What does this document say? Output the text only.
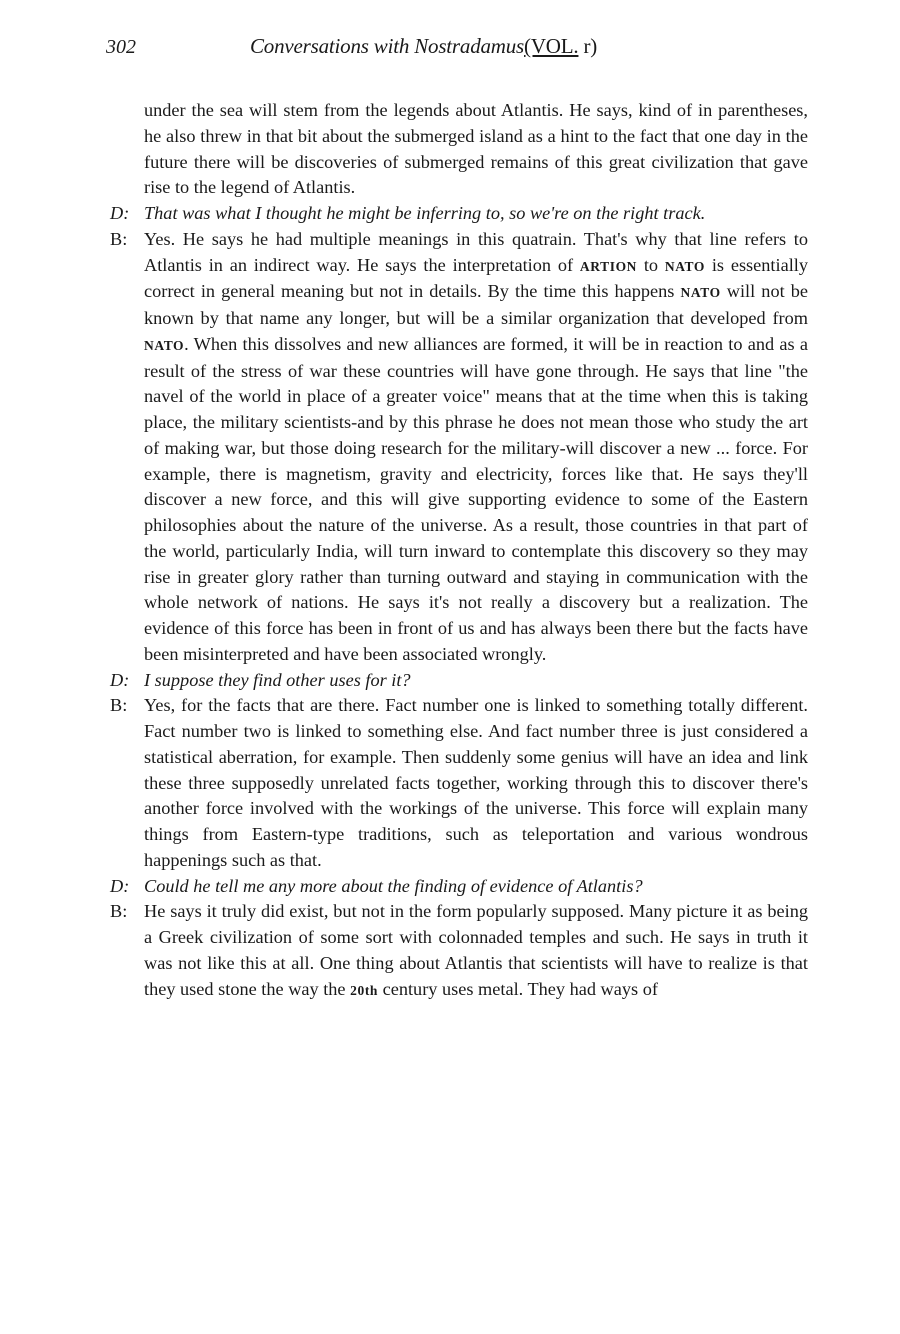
302	Conversations with Nostradamus(VOL. r)

under the sea will stem from the legends about Atlantis. He says, kind of in parentheses, he also threw in that bit about the submerged island as a hint to the fact that one day in the future there will be discoveries of submerged remains of this great civilization that gave rise to the legend of Atlantis.

D: That was what I thought he might be inferring to, so we're on the right track.

B: Yes. He says he had multiple meanings in this quatrain. That's why that line refers to Atlantis in an indirect way. He says the interpretation of ARTION to NATO is essentially correct in general meaning but not in details. By the time this happens NATO will not be known by that name any longer, but will be a similar organization that developed from NATO. When this dissolves and new alliances are formed, it will be in reaction to and as a result of the stress of war these countries will have gone through. He says that line "the navel of the world in place of a greater voice" means that at the time when this is taking place, the military scientists-and by this phrase he does not mean those who study the art of making war, but those doing research for the military-will discover a new ... force. For example, there is magnetism, gravity and electricity, forces like that. He says they'll discover a new force, and this will give supporting evidence to some of the Eastern philosophies about the nature of the universe. As a result, those countries in that part of the world, particularly India, will turn inward to contemplate this discovery so they may rise in greater glory rather than turning outward and staying in communication with the whole network of nations. He says it's not really a discovery but a realization. The evidence of this force has been in front of us and has always been there but the facts have been misinterpreted and have been associated wrongly.

D: I suppose they find other uses for it?

B: Yes, for the facts that are there. Fact number one is linked to something totally different. Fact number two is linked to something else. And fact number three is just considered a statistical aberration, for example. Then suddenly some genius will have an idea and link these three supposedly unrelated facts together, working through this to discover there's another force involved with the workings of the universe. This force will explain many things from Eastern-type traditions, such as teleportation and various wondrous happenings such as that.

D: Could he tell me any more about the finding of evidence of Atlantis?

B: He says it truly did exist, but not in the form popularly supposed. Many picture it as being a Greek civilization of some sort with colonnaded temples and such. He says in truth it was not like this at all. One thing about Atlantis that scientists will have to realize is that they used stone the way the 20th century uses metal. They had ways of
